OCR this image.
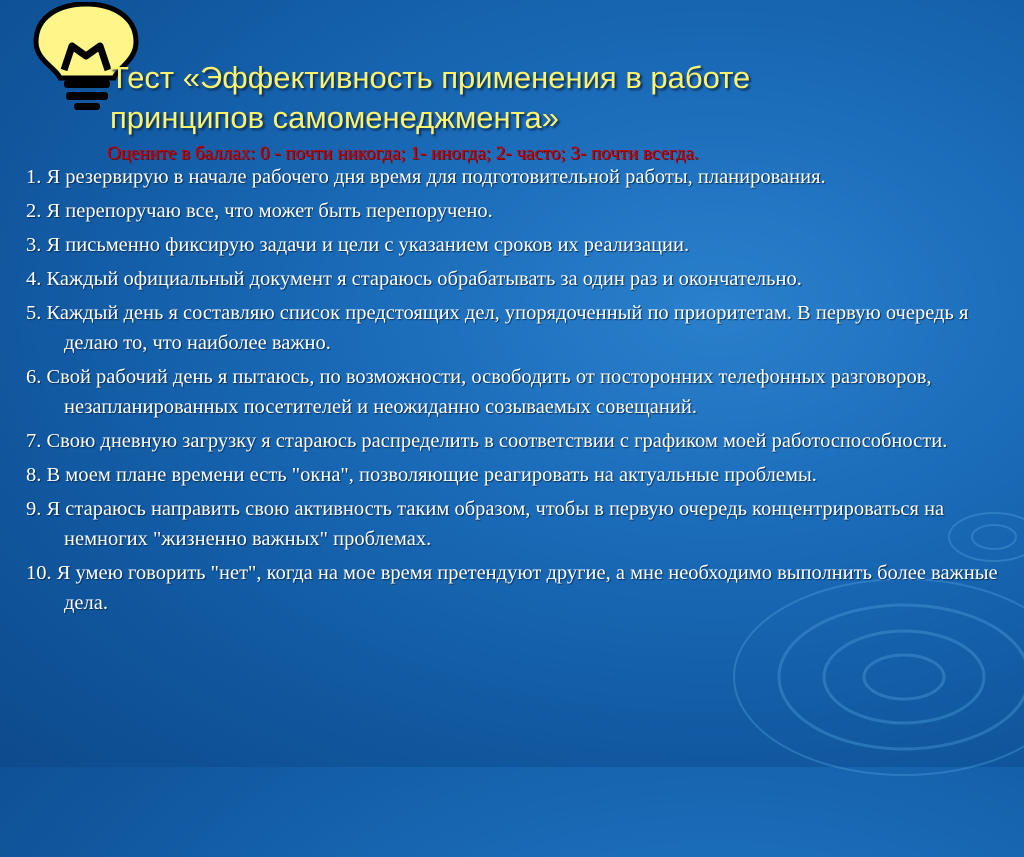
Тест «Эффективность применения в работе принципов самоменеджмента»

Оцените в баллах: 0 - почти никогда; 1- иногда; 2- часто; 3- почти всегда.

1. Я резервирую в начале рабочего дня время для подготовительной работы, планирования.
2. Я перепоручаю все, что может быть перепоручено.
3. Я письменно фиксирую задачи и цели с указанием сроков их реализации.
4. Каждый официальный документ я стараюсь обрабатывать за один раз и окончательно.
5. Каждый день я составляю список предстоящих дел, упорядоченный по приоритетам. В первую очередь я делаю то, что наиболее важно.
6. Свой рабочий день я пытаюсь, по возможности, освободить от посторонних телефонных разговоров, незапланированных посетителей и неожиданно созываемых совещаний.
7. Свою дневную загрузку я стараюсь распределить в соответствии с графиком моей работоспособности.
8. В моем плане времени есть "окна", позволяющие реагировать на актуальные проблемы.
9. Я стараюсь направить свою активность таким образом, чтобы в первую очередь концентрироваться на немногих "жизненно важных" проблемах.
10. Я умею говорить "нет", когда на мое время претендуют другие, а мне необходимо выполнить более важные дела.
